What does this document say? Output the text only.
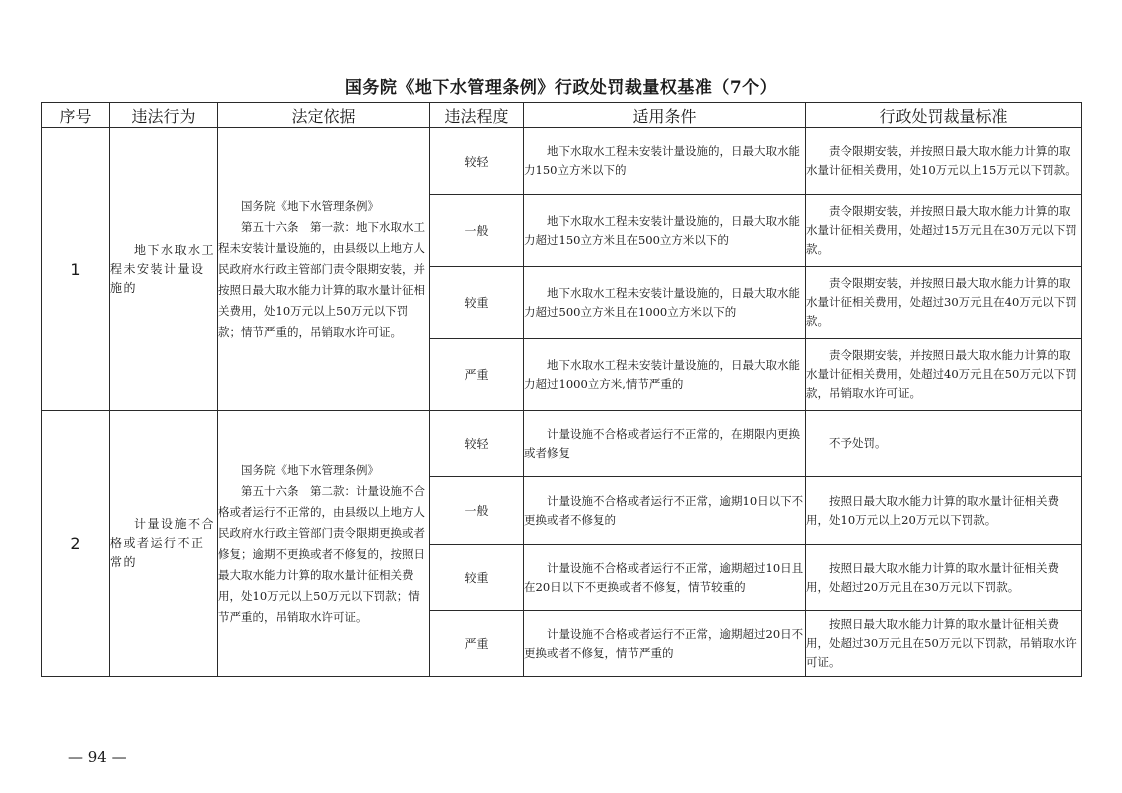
国务院《地下水管理条例》行政处罚裁量权基准（7个）
序号	违法行为	法定依据	违法程度	适用条件	行政处罚裁量标准
1	地下水取水工程未安装计量设施的	国务院《地下水管理条例》
第五十六条　第一款：地下水取水工程未安装计量设施的，由县级以上地方人民政府水行政主管部门责令限期安装，并按照日最大取水能力计算的取水量计征相关费用，处10万元以上50万元以下罚款；情节严重的，吊销取水许可证。	较轻	地下水取水工程未安装计量设施的，日最大取水能力150立方米以下的	责令限期安装，并按照日最大取水能力计算的取水量计征相关费用，处10万元以上15万元以下罚款。

			一般	地下水取水工程未安装计量设施的，日最大取水能力超过150立方米且在500立方米以下的	责令限期安装，并按照日最大取水能力计算的取水量计征相关费用，处超过15万元且在30万元以下罚款。

			较重	地下水取水工程未安装计量设施的，日最大取水能力超过500立方米且在1000立方米以下的	责令限期安装，并按照日最大取水能力计算的取水量计征相关费用，处超过30万元且在40万元以下罚款。

			严重	地下水取水工程未安装计量设施的，日最大取水能力超过1000立方米,情节严重的	责令限期安装，并按照日最大取水能力计算的取水量计征相关费用，处超过40万元且在50万元以下罚款，吊销取水许可证。

2	计量设施不合格或者运行不正常的	国务院《地下水管理条例》
第五十六条　第二款：计量设施不合格或者运行不正常的，由县级以上地方人民政府水行政主管部门责令限期更换或者修复；逾期不更换或者不修复的，按照日最大取水能力计算的取水量计征相关费用，处10万元以上50万元以下罚款；情节严重的，吊销取水许可证。	较轻	计量设施不合格或者运行不正常的，在期限内更换或者修复	不予处罚。

			一般	计量设施不合格或者运行不正常，逾期10日以下不更换或者不修复的	按照日最大取水能力计算的取水量计征相关费用，处10万元以上20万元以下罚款。

			较重	计量设施不合格或者运行不正常，逾期超过10日且在20日以下不更换或者不修复，情节较重的	按照日最大取水能力计算的取水量计征相关费用，处超过20万元且在30万元以下罚款。

			严重	计量设施不合格或者运行不正常，逾期超过20日不更换或者不修复，情节严重的	按照日最大取水能力计算的取水量计征相关费用，处超过30万元且在50万元以下罚款，吊销取水许可证。
— 94 —
